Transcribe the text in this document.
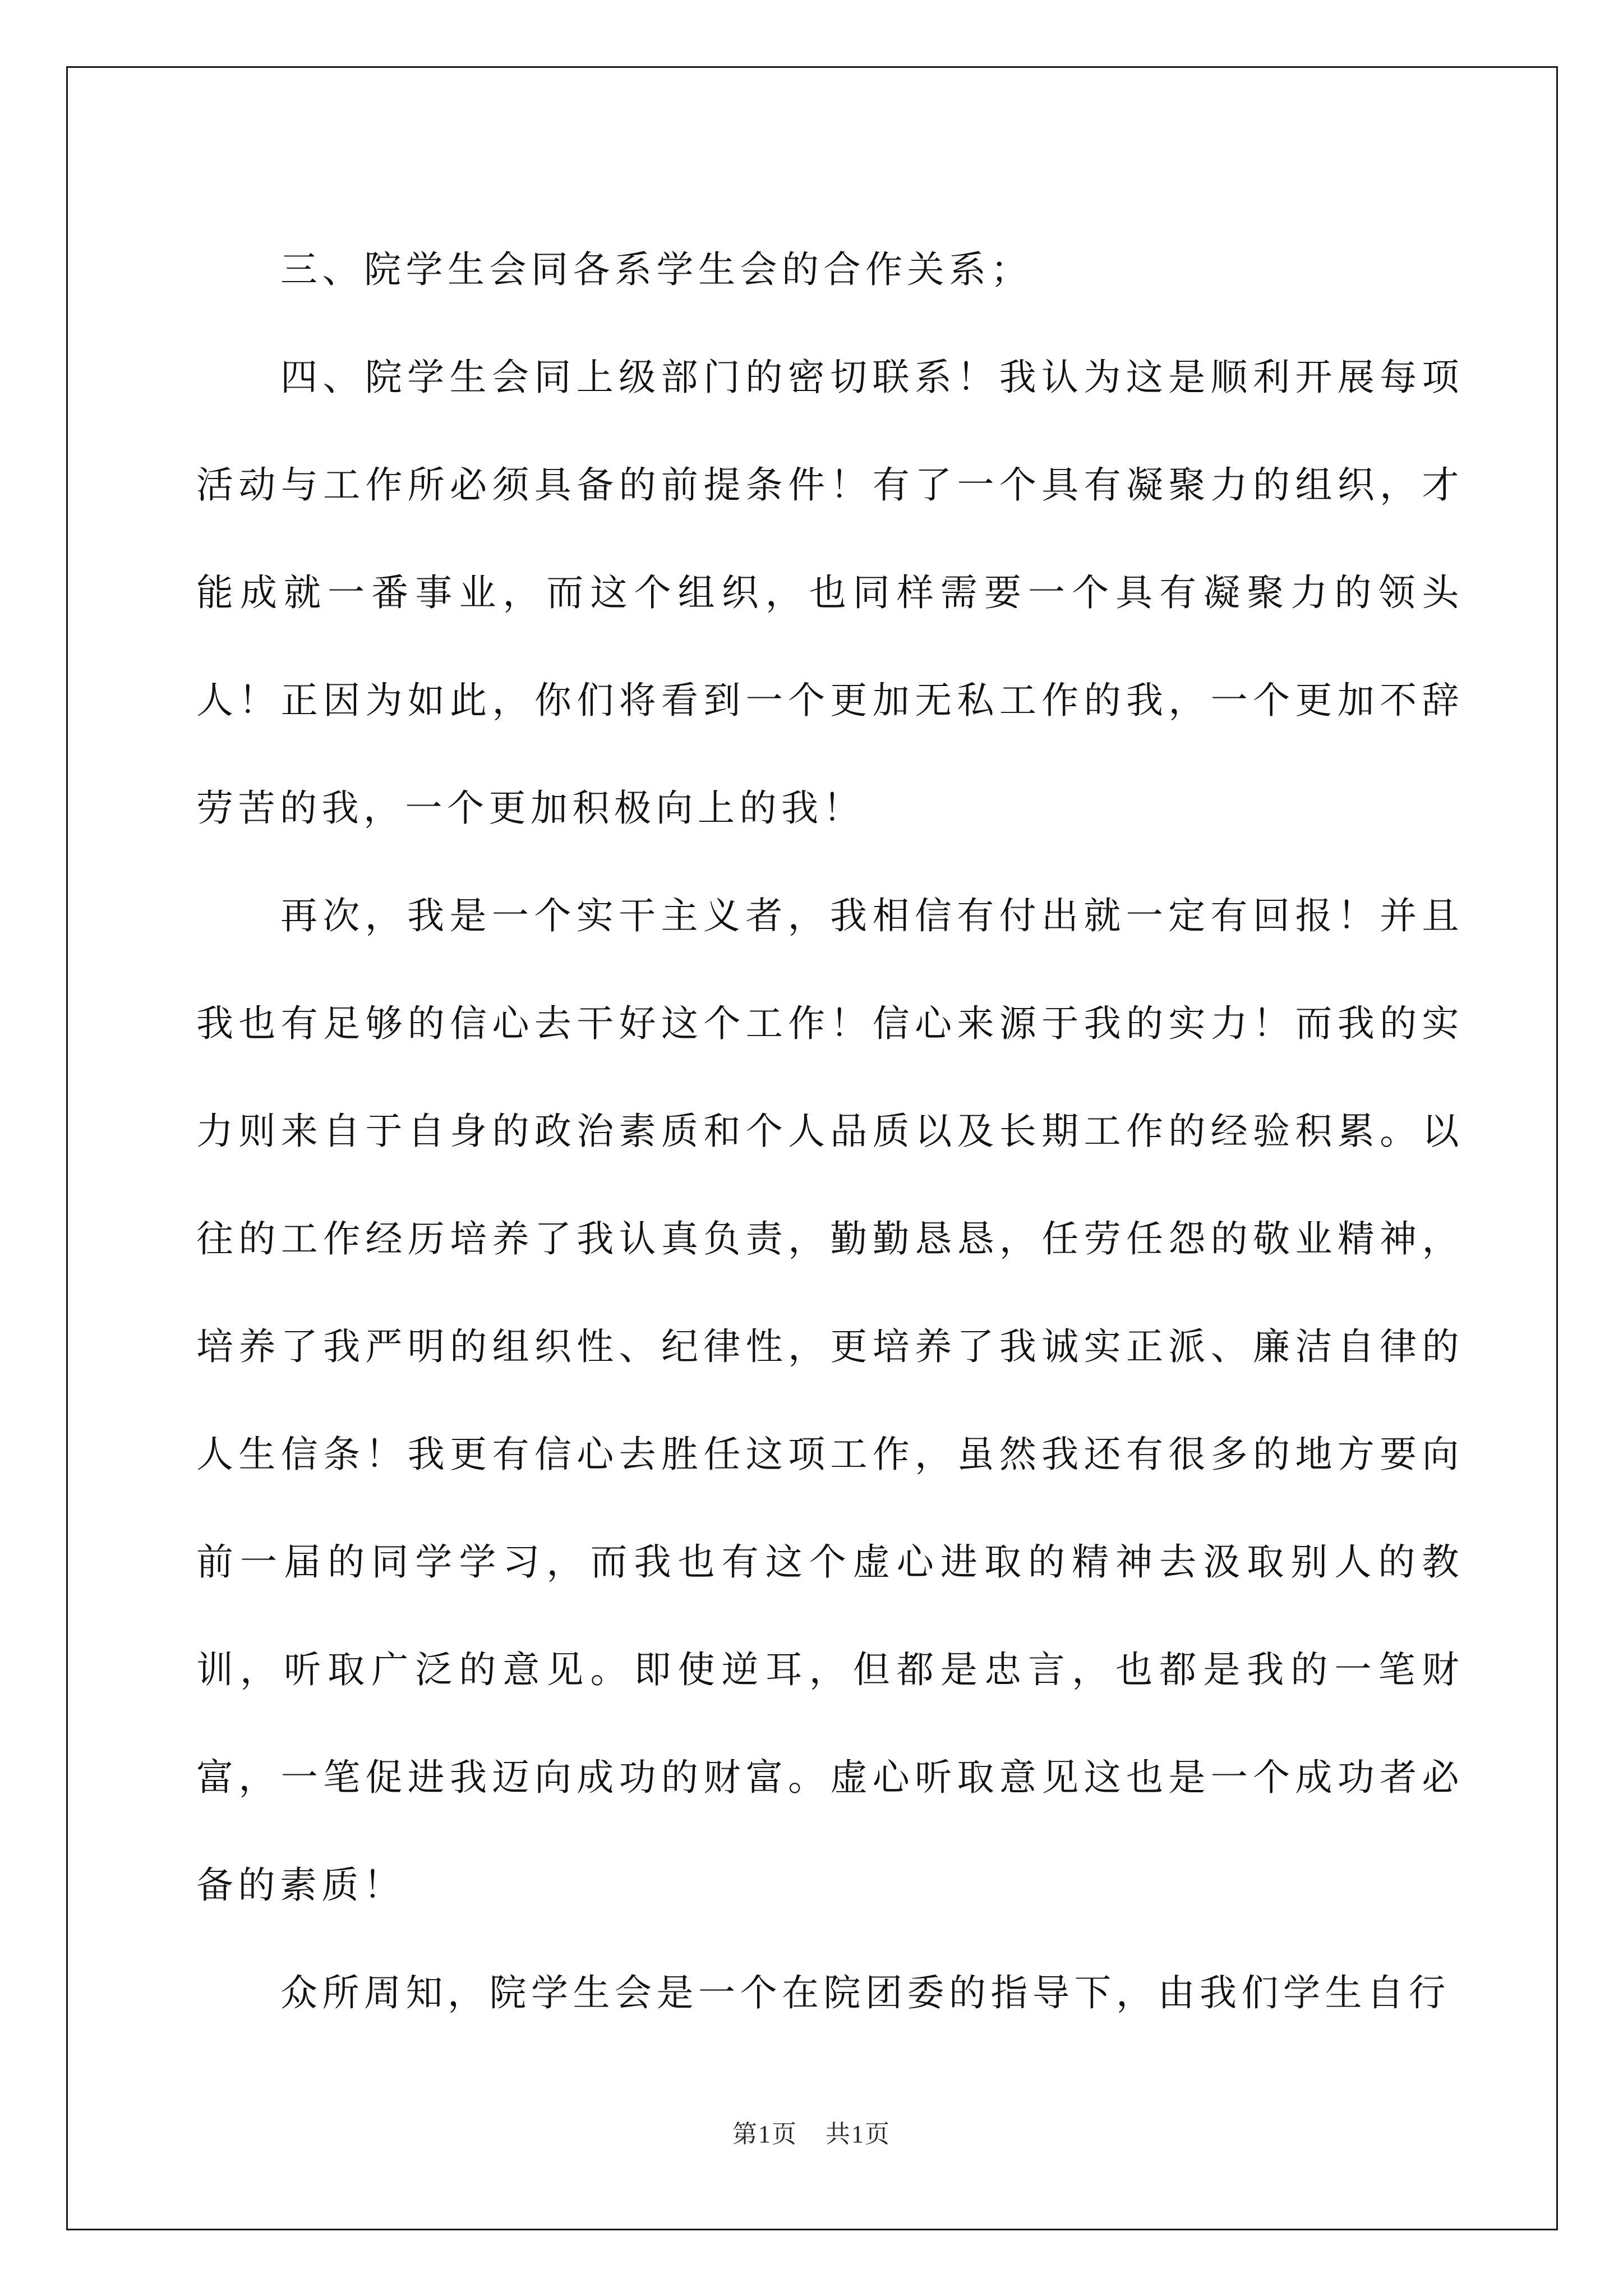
三、院学生会同各系学生会的合作关系；

四、院学生会同上级部门的密切联系！我认为这是顺利开展每项活动与工作所必须具备的前提条件！有了一个具有凝聚力的组织，才能成就一番事业，而这个组织，也同样需要一个具有凝聚力的领头人！正因为如此，你们将看到一个更加无私工作的我，一个更加不辞劳苦的我，一个更加积极向上的我！

再次，我是一个实干主义者，我相信有付出就一定有回报！并且我也有足够的信心去干好这个工作！信心来源于我的实力！而我的实力则来自于自身的政治素质和个人品质以及长期工作的经验积累。以往的工作经历培养了我认真负责，勤勤恳恳，任劳任怨的敬业精神，培养了我严明的组织性、纪律性，更培养了我诚实正派、廉洁自律的人生信条！我更有信心去胜任这项工作，虽然我还有很多的地方要向前一届的同学学习，而我也有这个虚心进取的精神去汲取别人的教训，听取广泛的意见。即使逆耳，但都是忠言，也都是我的一笔财富，一笔促进我迈向成功的财富。虚心听取意见这也是一个成功者必备的素质！

众所周知，院学生会是一个在院团委的指导下，由我们学生自行

第1页 共1页
